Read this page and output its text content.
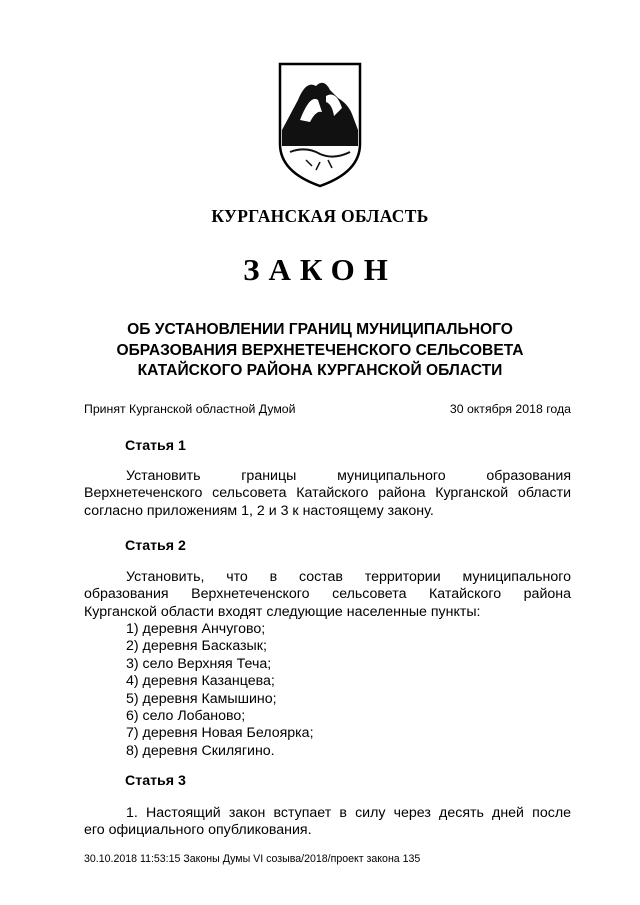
КУРГАНСКАЯ ОБЛАСТЬ
ЗАКОН
ОБ УСТАНОВЛЕНИИ ГРАНИЦ МУНИЦИПАЛЬНОГО
ОБРАЗОВАНИЯ ВЕРХНЕТЕЧЕНСКОГО СЕЛЬСОВЕТА
КАТАЙСКОГО РАЙОНА КУРГАНСКОЙ ОБЛАСТИ
Принят Курганской областной Думой	30 октября 2018 года
Статья 1
Установить границы муниципального образования
Верхнетеченского сельсовета Катайского района Курганской области
согласно приложениям 1, 2 и 3 к настоящему закону.
Статья 2
Установить, что в состав территории муниципального
образования Верхнетеченского сельсовета Катайского района
Курганской области входят следующие населенные пункты:
1) деревня Анчугово;
2) деревня Басказык;
3) село Верхняя Теча;
4) деревня Казанцева;
5) деревня Камышино;
6) село Лобаново;
7) деревня Новая Белоярка;
8) деревня Скилягино.
Статья 3
1. Настоящий закон вступает в силу через десять дней после
его официального опубликования.
30.10.2018 11:53:15 Законы Думы VI созыва/2018/проект закона 135
